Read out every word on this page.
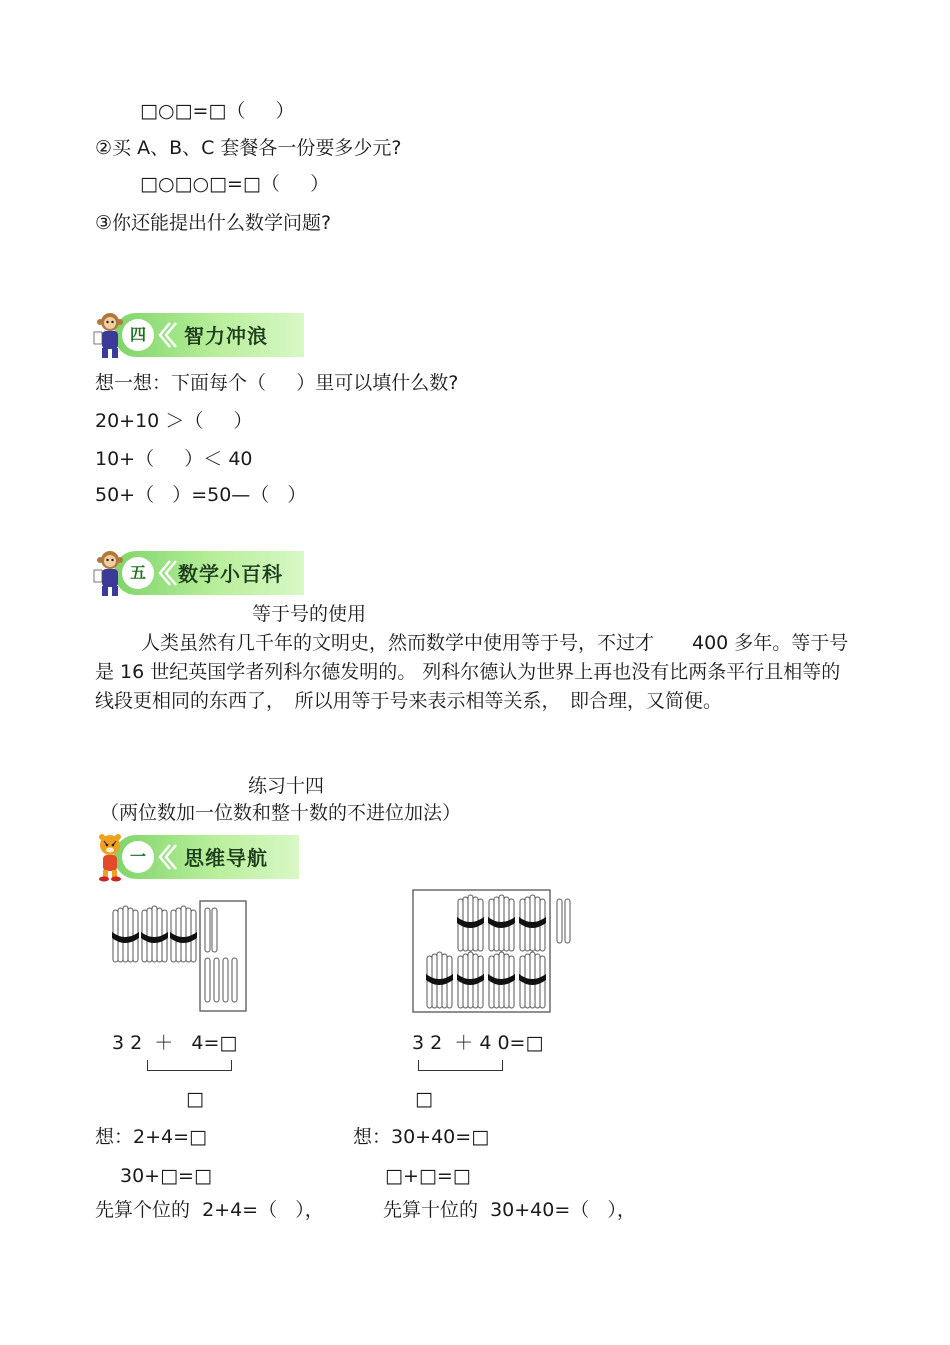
□○□=□（     ）
②买 A、B、C 套餐各一份要多少元?
□○□○□=□（     ）
③你还能提出什么数学问题?
四	智力冲浪
想一想：下面每个（     ）里可以填什么数?
20+10 ＞（     ）
10+（     ）＜ 40
50+（   ）=50—（   ）
五	数学小百科
等于号的使用

人类虽然有几千年的文明史，然而数学中使用等于号，不过才　　400 多年。等于号是 16 世纪英国学者列科尔德发明的。 列科尔德认为世界上再也没有比两条平行且相等的线段更相同的东西了，　所以用等于号来表示相等关系，　即合理，又简便。

练习十四
（两位数加一位数和整十数的不进位加法）
一	思维导航
3 2  ＋   4=□
□
想：2+4=□
30+□=□
先算个位的  2+4=（   ），
3 2  ＋ 4 0=□
□
想：30+40=□
□+□=□
先算十位的  30+40=（   ），
